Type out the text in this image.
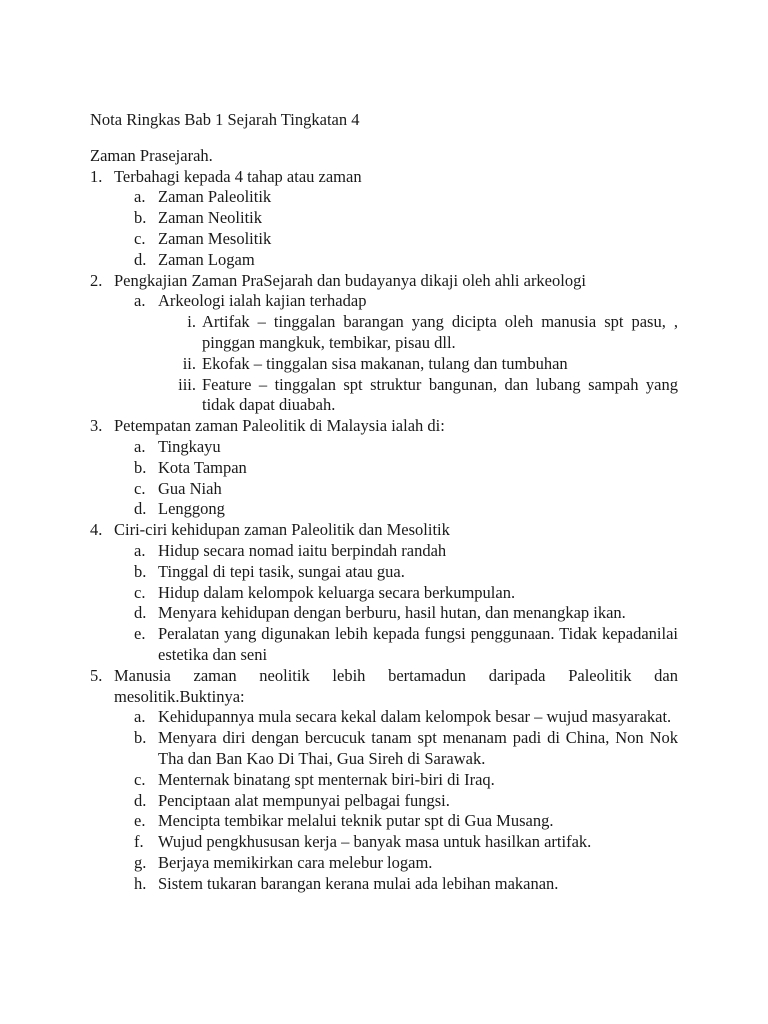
Nota Ringkas Bab 1 Sejarah Tingkatan 4

Zaman Prasejarah.

1. Terbahagi kepada 4 tahap atau zaman
a. Zaman Paleolitik
b. Zaman Neolitik
c. Zaman Mesolitik
d. Zaman Logam
2. Pengkajian Zaman PraSejarah dan budayanya dikaji oleh ahli arkeologi
a. Arkeologi ialah kajian terhadap
i. Artifak – tinggalan barangan yang dicipta oleh manusia spt pasu, , pinggan mangkuk, tembikar, pisau dll.
ii. Ekofak – tinggalan sisa makanan, tulang dan tumbuhan
iii. Feature – tinggalan spt struktur bangunan, dan lubang sampah yang tidak dapat diuabah.
3. Petempatan zaman Paleolitik di Malaysia ialah di:
a. Tingkayu
b. Kota Tampan
c. Gua Niah
d. Lenggong
4. Ciri-ciri kehidupan zaman Paleolitik dan Mesolitik
a. Hidup secara nomad iaitu berpindah randah
b. Tinggal di tepi tasik, sungai atau gua.
c. Hidup dalam kelompok keluarga secara berkumpulan.
d. Menyara kehidupan dengan berburu, hasil hutan, dan menangkap ikan.
e. Peralatan yang digunakan lebih kepada fungsi penggunaan. Tidak kepadanilai estetika dan seni
5. Manusia zaman neolitik lebih bertamadun daripada Paleolitik dan mesolitik.Buktinya:
a. Kehidupannya mula secara kekal dalam kelompok besar – wujud masyarakat.
b. Menyara diri dengan bercucuk tanam spt menanam padi di China, Non Nok Tha dan Ban Kao Di Thai, Gua Sireh di Sarawak.
c. Menternak binatang spt menternak biri-biri di Iraq.
d. Penciptaan alat mempunyai pelbagai fungsi.
e. Mencipta tembikar melalui teknik putar spt di Gua Musang.
f. Wujud pengkhususan kerja – banyak masa untuk hasilkan artifak.
g. Berjaya memikirkan cara melebur logam.
h. Sistem tukaran barangan kerana mulai ada lebihan makanan.
